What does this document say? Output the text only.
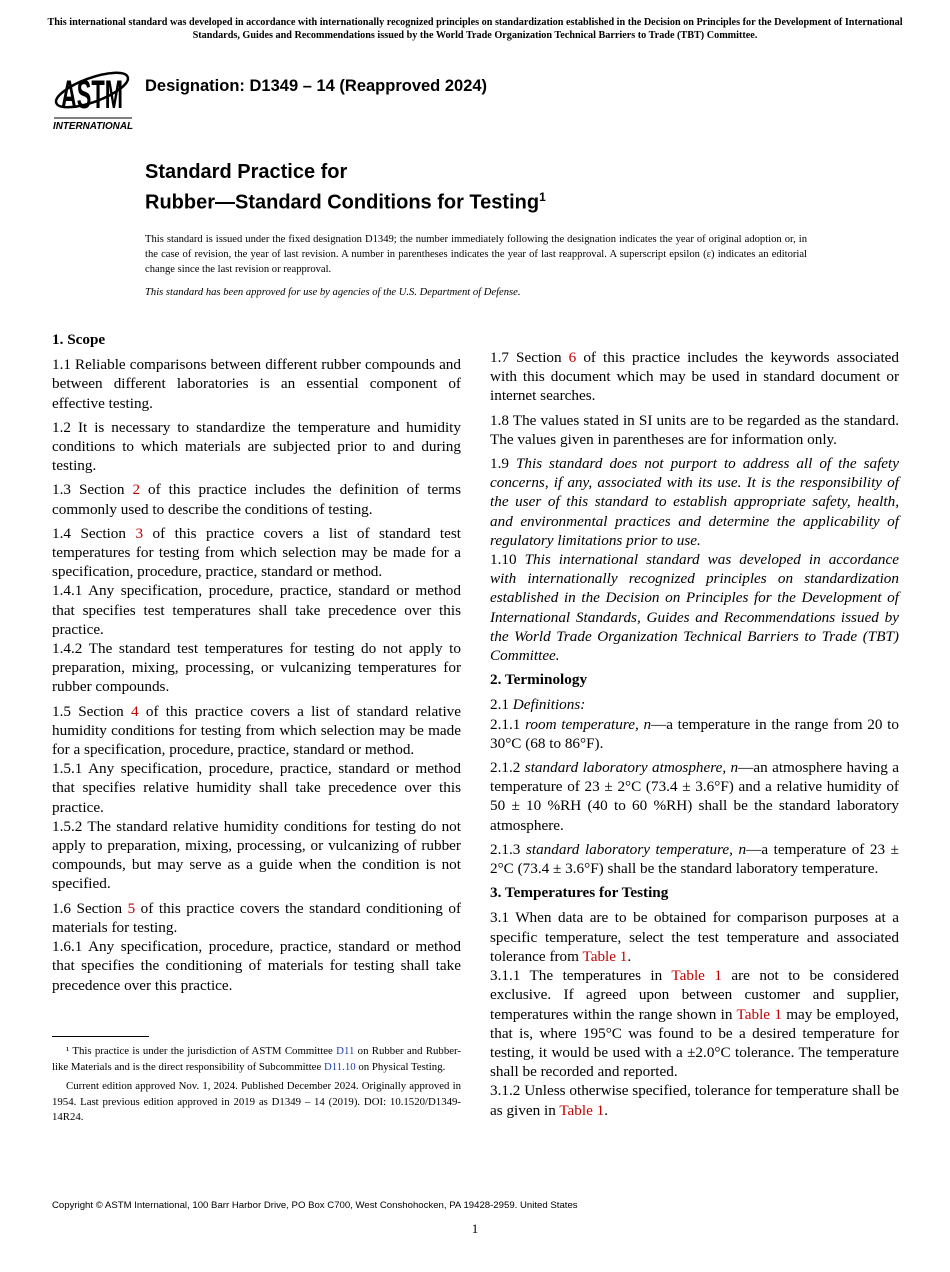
This international standard was developed in accordance with internationally recognized principles on standardization established in the Decision on Principles for the Development of International Standards, Guides and Recommendations issued by the World Trade Organization Technical Barriers to Trade (TBT) Committee.
ASTM
INTERNATIONAL
Designation: D1349 – 14 (Reapproved 2024)
Standard Practice for
Rubber—Standard Conditions for Testing$^1$

This standard is issued under the fixed designation D1349; the number immediately following the designation indicates the year of original adoption or, in the case of revision, the year of last revision. A number in parentheses indicates the year of last reapproval. A superscript epsilon (ε) indicates an editorial change since the last revision or reapproval.

This standard has been approved for use by agencies of the U.S. Department of Defense.

1. Scope

1.1 Reliable comparisons between different rubber compounds and between different laboratories is an essential component of effective testing.

1.2 It is necessary to standardize the temperature and humidity conditions to which materials are subjected prior to and during testing.

1.3 Section 2 of this practice includes the definition of terms commonly used to describe the conditions of testing.

1.4 Section 3 of this practice covers a list of standard test temperatures for testing from which selection may be made for a specification, procedure, practice, standard or method.

1.4.1 Any specification, procedure, practice, standard or method that specifies test temperatures shall take precedence over this practice.

1.4.2 The standard test temperatures for testing do not apply to preparation, mixing, processing, or vulcanizing temperatures for rubber compounds.

1.5 Section 4 of this practice covers a list of standard relative humidity conditions for testing from which selection may be made for a specification, procedure, practice, standard or method.

1.5.1 Any specification, procedure, practice, standard or method that specifies relative humidity shall take precedence over this practice.

1.5.2 The standard relative humidity conditions for testing do not apply to preparation, mixing, processing, or vulcanizing of rubber compounds, but may serve as a guide when the condition is not specified.

1.6 Section 5 of this practice covers the standard conditioning of materials for testing.

1.6.1 Any specification, procedure, practice, standard or method that specifies the conditioning of materials for testing shall take precedence over this practice.

1.7 Section 6 of this practice includes the keywords associated with this document which may be used in standard document or internet searches.

1.8 The values stated in SI units are to be regarded as the standard. The values given in parentheses are for information only.

1.9 This standard does not purport to address all of the safety concerns, if any, associated with its use. It is the responsibility of the user of this standard to establish appropriate safety, health, and environmental practices and determine the applicability of regulatory limitations prior to use.

1.10 This international standard was developed in accordance with internationally recognized principles on standardization established in the Decision on Principles for the Development of International Standards, Guides and Recommendations issued by the World Trade Organization Technical Barriers to Trade (TBT) Committee.

2. Terminology

2.1 Definitions:

2.1.1 room temperature, n—a temperature in the range from 20 to 30°C (68 to 86°F).

2.1.2 standard laboratory atmosphere, n—an atmosphere having a temperature of 23 ± 2°C (73.4 ± 3.6°F) and a relative humidity of 50 ± 10 %RH (40 to 60 %RH) shall be the standard laboratory atmosphere.

2.1.3 standard laboratory temperature, n—a temperature of 23 ± 2°C (73.4 ± 3.6°F) shall be the standard laboratory temperature.

3. Temperatures for Testing

3.1 When data are to be obtained for comparison purposes at a specific temperature, select the test temperature and associated tolerance from Table 1.

3.1.1 The temperatures in Table 1 are not to be considered exclusive. If agreed upon between customer and supplier, temperatures within the range shown in Table 1 may be employed, that is, where 195°C was found to be a desired temperature for testing, it would be used with a ±2.0°C tolerance. The temperature shall be recorded and reported.

3.1.2 Unless otherwise specified, tolerance for temperature shall be as given in Table 1.

¹ This practice is under the jurisdiction of ASTM Committee D11 on Rubber and Rubber-like Materials and is the direct responsibility of Subcommittee D11.10 on Physical Testing.

Current edition approved Nov. 1, 2024. Published December 2024. Originally approved in 1954. Last previous edition approved in 2019 as D1349 – 14 (2019). DOI: 10.1520/D1349-14R24.

Copyright © ASTM International, 100 Barr Harbor Drive, PO Box C700, West Conshohocken, PA 19428-2959. United States
1
